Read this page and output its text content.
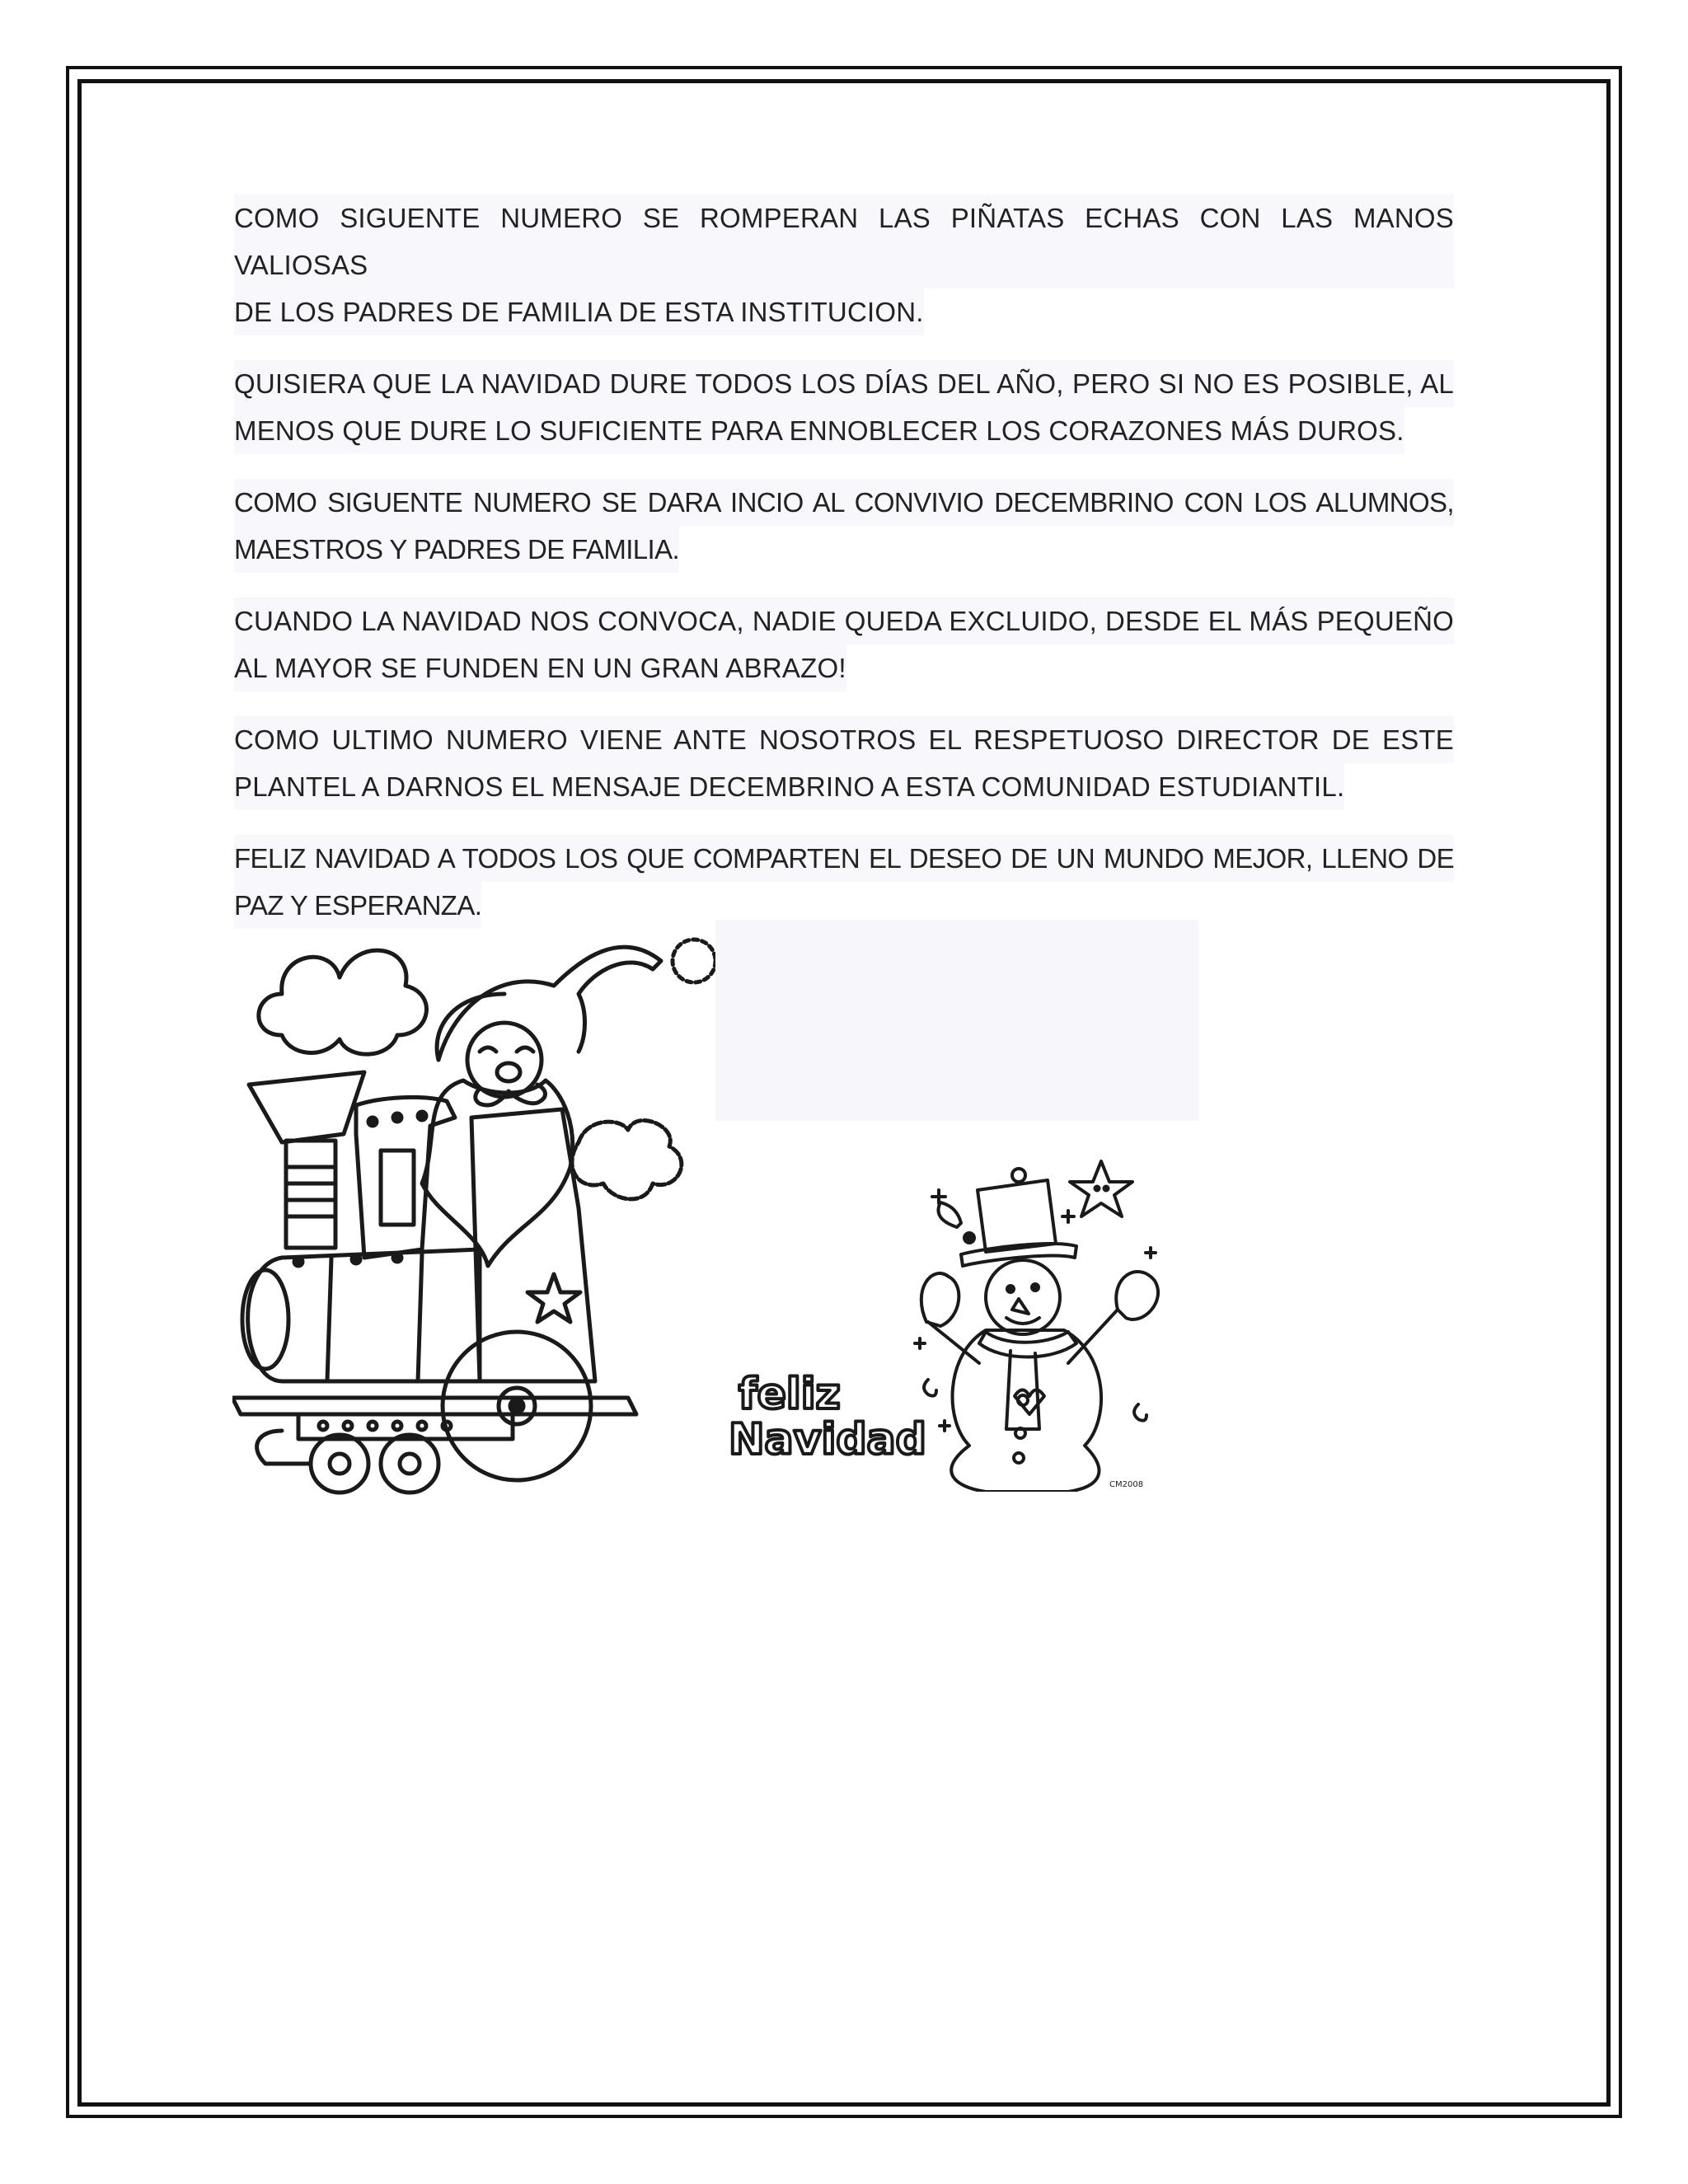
COMO SIGUENTE NUMERO SE ROMPERAN LAS PIÑATAS ECHAS CON LAS MANOS VALIOSAS
DE LOS PADRES DE FAMILIA DE ESTA INSTITUCION.

QUISIERA QUE LA NAVIDAD DURE TODOS LOS DÍAS DEL AÑO, PERO SI NO ES POSIBLE, AL
MENOS QUE DURE LO SUFICIENTE PARA ENNOBLECER LOS CORAZONES MÁS DUROS.

COMO SIGUENTE NUMERO SE DARA INCIO AL CONVIVIO DECEMBRINO CON LOS ALUMNOS,
MAESTROS Y PADRES DE FAMILIA.

CUANDO LA NAVIDAD NOS CONVOCA, NADIE QUEDA EXCLUIDO, DESDE EL MÁS PEQUEÑO
AL MAYOR SE FUNDEN EN UN GRAN ABRAZO!

COMO ULTIMO NUMERO VIENE ANTE NOSOTROS EL RESPETUOSO DIRECTOR DE ESTE
PLANTEL A DARNOS EL MENSAJE DECEMBRINO A ESTA COMUNIDAD ESTUDIANTIL.

FELIZ NAVIDAD A TODOS LOS QUE COMPARTEN EL DESEO DE UN MUNDO MEJOR, LLENO DE
PAZ Y ESPERANZA.

feliz
Navidad
CM2008
